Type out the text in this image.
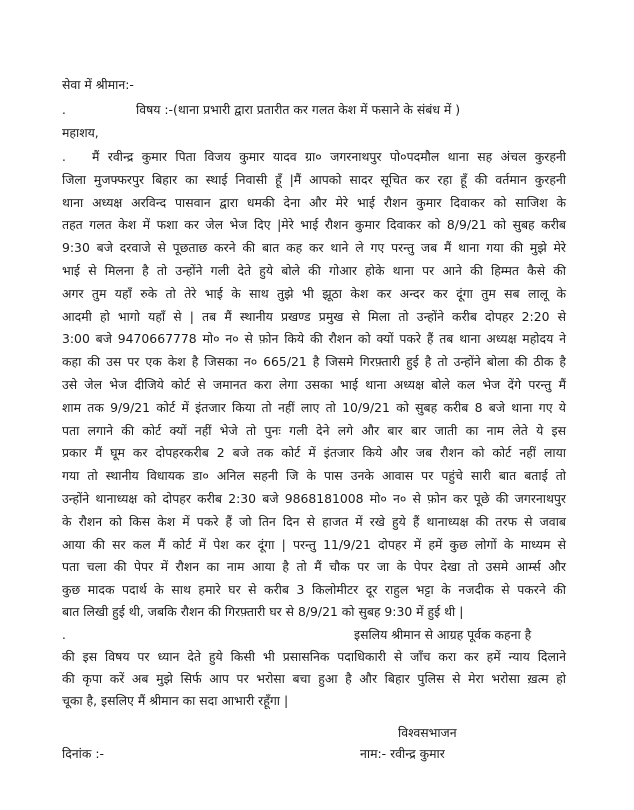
सेवा में श्रीमान:-
.	विषय :-(थाना प्रभारी द्वारा प्रतारीत कर गलत केश में फसाने के संबंध में )
महाशय,
. मैं रवीन्द्र कुमार पिता विजय कुमार यादव ग्रा० जगरनाथपुर पो०पदमौल थाना सह अंचल कुरहनी
जिला मुजफ्फरपुर बिहार का स्थाई निवासी हूँ |मैं आपको सादर सूचित कर रहा हूँ की वर्तमान कुरहनी
थाना अध्यक्ष अरविन्द पासवान द्वारा धमकी देना और मेरे भाई रौशन कुमार दिवाकर को साजिश के
तहत गलत केश में फशा कर जेल भेज दिए |मेरे भाई रौशन कुमार दिवाकर को 8/9/21 को सुबह करीब
9:30 बजे दरवाजे से पूछताछ करने की बात कह कर थाने ले गए परन्तु जब मैं थाना गया की मुझे मेरे
भाई से मिलना है तो उन्होंने गली देते हुये बोले की गोआर होके थाना पर आने की हिम्मत कैसे की
अगर तुम यहाँ रुके तो तेरे भाई के साथ तुझे भी झूठा केश कर अन्दर कर दूंगा तुम सब लालू के
आदमी हो भागो यहाँ से | तब मैं स्थानीय प्रखण्ड प्रमुख से मिला तो उन्होंने करीब दोपहर 2:20 से
3:00 बजे 9470667778 मो० न० से फ़ोन किये की रौशन को क्यों पकरे हैं तब थाना अध्यक्ष महोदय ने
कहा की उस पर एक केश है जिसका न० 665/21 है जिसमे गिरफ़्तारी हुई है तो उन्होंने बोला की ठीक है
उसे जेल भेज दीजिये कोर्ट से जमानत करा लेगा उसका भाई थाना अध्यक्ष बोले कल भेज देंगे परन्तु मैं
शाम तक 9/9/21 कोर्ट में इंतजार किया तो नहीं लाए तो 10/9/21 को सुबह करीब 8 बजे थाना गए ये
पता लगाने की कोर्ट क्यों नहीं भेजे तो पुनः गली देने लगे और बार बार जाती का नाम लेते ये इस
प्रकार मैं घूम कर दोपहरकरीब 2 बजे तक कोर्ट में इंतजार किये और जब रौशन को कोर्ट नहीं लाया
गया तो स्थानीय विधायक डा० अनिल सहनी जि के पास उनके आवास पर पहुंचे सारी बात बताई तो
उन्होंने थानाध्यक्ष को दोपहर करीब 2:30 बजे 9868181008 मो० न० से फ़ोन कर पूछे की जगरनाथपुर
के रौशन को किस केश में पकरे हैं जो तिन दिन से हाजत में रखे हुये हैं थानाध्यक्ष की तरफ से जवाब
आया की सर कल मैं कोर्ट में पेश कर दूंगा | परन्तु 11/9/21 दोपहर में हमें कुछ लोगों के माध्यम से
पता चला की पेपर में रौशन का नाम आया है तो मैं चौक पर जा के पेपर देखा तो उसमे आर्म्स और
कुछ मादक पदार्थ के साथ हमारे घर से करीब 3 किलोमीटर दूर राहुल भट्टा के नजदीक से पकरने की
बात लिखी हुई थी, जबकि रौशन की गिरफ़्तारी घर से 8/9/21 को सुबह 9:30 में हुई थी |
.	इसलिय श्रीमान से आग्रह पूर्वक कहना है
की इस विषय पर ध्यान देते हुये किसी भी प्रसासनिक पदाधिकारी से जाँच करा कर हमें न्याय दिलाने
की कृपा करें अब मुझे सिर्फ आप पर भरोसा बचा हुआ है और बिहार पुलिस से मेरा भरोसा ख़त्म हो
चूका है, इसलिए मैं श्रीमान का सदा आभारी रहूँगा |
विश्वसभाजन
दिनांक :-	नाम:- रवीन्द्र कुमार
